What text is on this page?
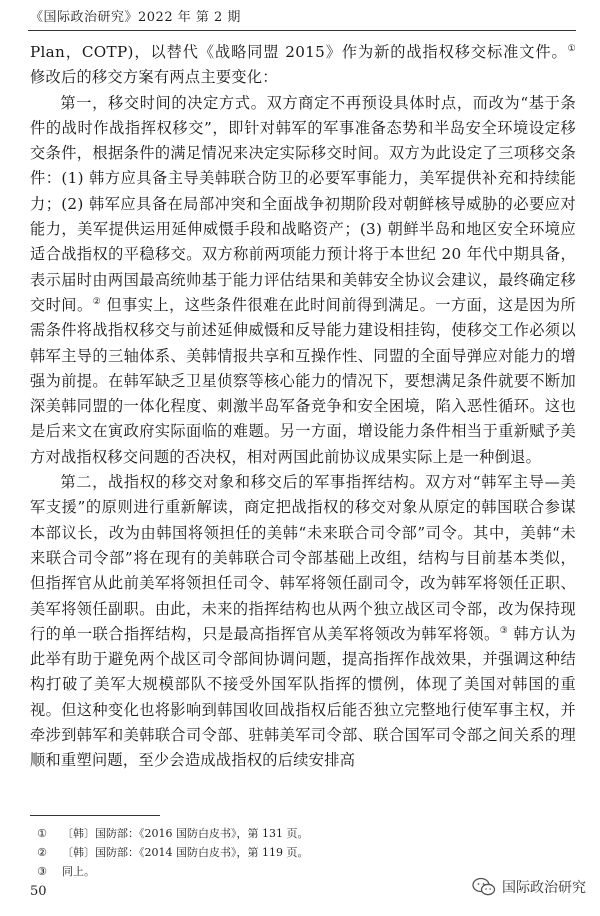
《国际政治研究》2022 年 第 2 期

Plan，COTP)，以替代《战略同盟 2015》作为新的战指权移交标准文件。① 修改后的移交方案有两点主要变化：

第一，移交时间的决定方式。双方商定不再预设具体时点，而改为“基于条件的战时作战指挥权移交”，即针对韩军的军事准备态势和半岛安全环境设定移交条件，根据条件的满足情况来决定实际移交时间。双方为此设定了三项移交条件：(1) 韩方应具备主导美韩联合防卫的必要军事能力，美军提供补充和持续能力；(2) 韩军应具备在局部冲突和全面战争初期阶段对朝鲜核导威胁的必要应对能力，美军提供运用延伸威慑手段和战略资产；(3) 朝鲜半岛和地区安全环境应适合战指权的平稳移交。双方称前两项能力预计将于本世纪 20 年代中期具备，表示届时由两国最高统帅基于能力评估结果和美韩安全协议会建议，最终确定移交时间。② 但事实上，这些条件很难在此时间前得到满足。一方面，这是因为所需条件将战指权移交与前述延伸威慑和反导能力建设相挂钩，使移交工作必须以韩军主导的三轴体系、美韩情报共享和互操作性、同盟的全面导弹应对能力的增强为前提。在韩军缺乏卫星侦察等核心能力的情况下，要想满足条件就要不断加深美韩同盟的一体化程度、刺激半岛军备竞争和安全困境，陷入恶性循环。这也是后来文在寅政府实际面临的难题。另一方面，增设能力条件相当于重新赋予美方对战指权移交问题的否决权，相对两国此前协议成果实际上是一种倒退。

第二，战指权的移交对象和移交后的军事指挥结构。双方对“韩军主导—美军支援”的原则进行重新解读，商定把战指权的移交对象从原定的韩国联合参谋本部议长，改为由韩国将领担任的美韩“未来联合司令部”司令。其中，美韩“未来联合司令部”将在现有的美韩联合司令部基础上改组，结构与目前基本类似，但指挥官从此前美军将领担任司令、韩军将领任副司令，改为韩军将领任正职、美军将领任副职。由此，未来的指挥结构也从两个独立战区司令部，改为保持现行的单一联合指挥结构，只是最高指挥官从美军将领改为韩军将领。③ 韩方认为此举有助于避免两个战区司令部间协调问题，提高指挥作战效果，并强调这种结构打破了美军大规模部队不接受外国军队指挥的惯例，体现了美国对韩国的重视。但这种变化也将影响到韩国收回战指权后能否独立完整地行使军事主权，并牵涉到韩军和美韩联合司令部、驻韩美军司令部、联合国军司令部之间关系的理顺和重塑问题，至少会造成战指权的后续安排高

① 〔韩〕国防部：《2016 国防白皮书》，第 131 页。
② 〔韩〕国防部：《2014 国防白皮书》，第 119 页。
③ 同上。
50	国际政治研究
